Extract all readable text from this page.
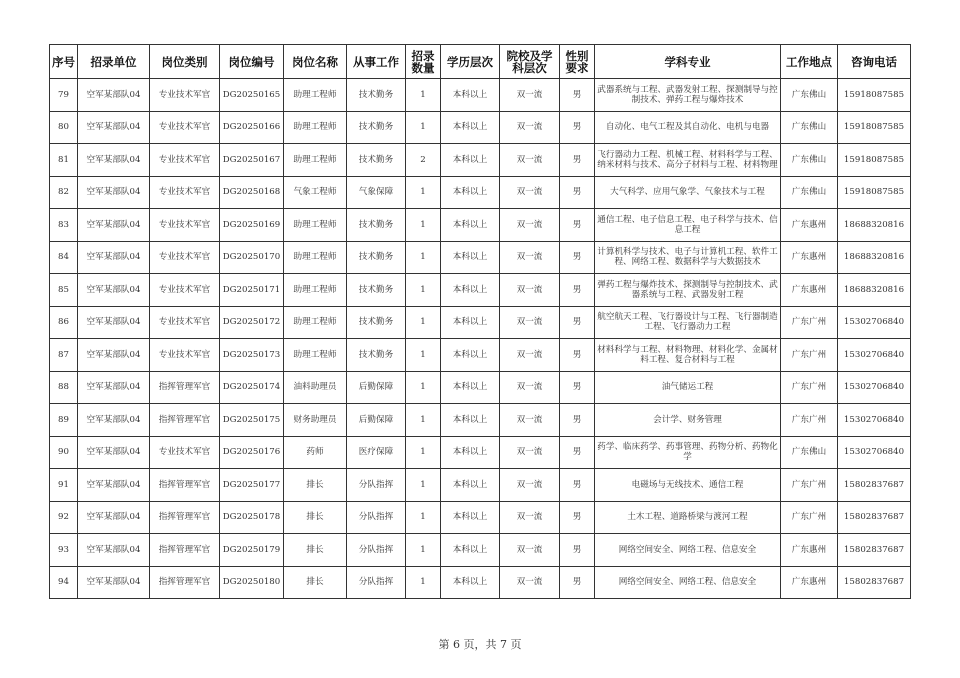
序号	招录单位	岗位类别	岗位编号	岗位名称	从事工作	招录数量	学历层次	院校及学科层次	性别要求	学科专业	工作地点	咨询电话
79	空军某部队04	专业技术军官	DG20250165	助理工程师	技术勤务	1	本科以上	双一流	男	武器系统与工程、武器发射工程、探测制导与控制技术、弹药工程与爆炸技术	广东佛山	15918087585
80	空军某部队04	专业技术军官	DG20250166	助理工程师	技术勤务	1	本科以上	双一流	男	自动化、电气工程及其自动化、电机与电器	广东佛山	15918087585
81	空军某部队04	专业技术军官	DG20250167	助理工程师	技术勤务	2	本科以上	双一流	男	飞行器动力工程、机械工程、材料科学与工程、纳米材料与技术、高分子材料与工程、材料物理	广东佛山	15918087585
82	空军某部队04	专业技术军官	DG20250168	气象工程师	气象保障	1	本科以上	双一流	男	大气科学、应用气象学、气象技术与工程	广东佛山	15918087585
83	空军某部队04	专业技术军官	DG20250169	助理工程师	技术勤务	1	本科以上	双一流	男	通信工程、电子信息工程、电子科学与技术、信息工程	广东惠州	18688320816
84	空军某部队04	专业技术军官	DG20250170	助理工程师	技术勤务	1	本科以上	双一流	男	计算机科学与技术、电子与计算机工程、软件工程、网络工程、数据科学与大数据技术	广东惠州	18688320816
85	空军某部队04	专业技术军官	DG20250171	助理工程师	技术勤务	1	本科以上	双一流	男	弹药工程与爆炸技术、探测制导与控制技术、武器系统与工程、武器发射工程	广东惠州	18688320816
86	空军某部队04	专业技术军官	DG20250172	助理工程师	技术勤务	1	本科以上	双一流	男	航空航天工程、飞行器设计与工程、飞行器制造工程、飞行器动力工程	广东广州	15302706840
87	空军某部队04	专业技术军官	DG20250173	助理工程师	技术勤务	1	本科以上	双一流	男	材料科学与工程、材料物理、材料化学、金属材料工程、复合材料与工程	广东广州	15302706840
88	空军某部队04	指挥管理军官	DG20250174	油料助理员	后勤保障	1	本科以上	双一流	男	油气储运工程	广东广州	15302706840
89	空军某部队04	指挥管理军官	DG20250175	财务助理员	后勤保障	1	本科以上	双一流	男	会计学、财务管理	广东广州	15302706840
90	空军某部队04	专业技术军官	DG20250176	药师	医疗保障	1	本科以上	双一流	男	药学、临床药学、药事管理、药物分析、药物化学	广东佛山	15302706840
91	空军某部队04	指挥管理军官	DG20250177	排长	分队指挥	1	本科以上	双一流	男	电磁场与无线技术、通信工程	广东广州	15802837687
92	空军某部队04	指挥管理军官	DG20250178	排长	分队指挥	1	本科以上	双一流	男	土木工程、道路桥梁与渡河工程	广东广州	15802837687
93	空军某部队04	指挥管理军官	DG20250179	排长	分队指挥	1	本科以上	双一流	男	网络空间安全、网络工程、信息安全	广东惠州	15802837687
94	空军某部队04	指挥管理军官	DG20250180	排长	分队指挥	1	本科以上	双一流	男	网络空间安全、网络工程、信息安全	广东惠州	15802837687
第 6 页，共 7 页
